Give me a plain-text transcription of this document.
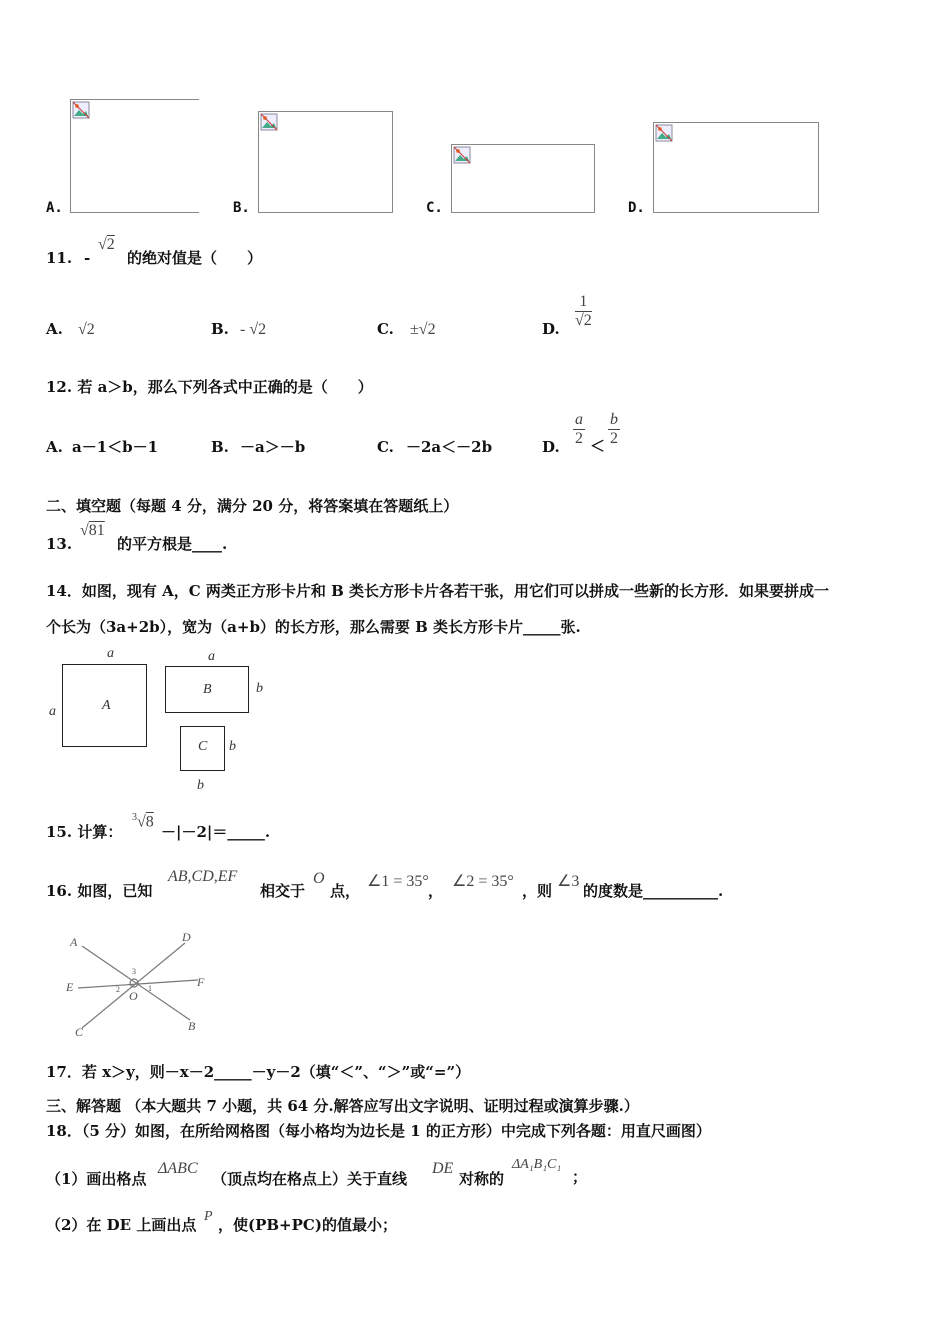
A.	B.	C.	D.
11. -
√2
的绝对值是（　　）
A. √2	B. - √2	C. ±√2	D. $\frac{1}{√2}$
12. 若 a＞b，那么下列各式中正确的是（　　）
A. a－1＜b－1	B. －a＞－b	C. －2a＜－2b	D. $\frac{a}{2} < \frac{b}{2}$
二、填空题（每题 4 分，满分 20 分，将答案填在答题纸上）
13.
√81
的平方根是____.
14．如图，现有 A，C 两类正方形卡片和 B 类长方形卡片各若干张，用它们可以拼成一些新的长方形．如果要拼成一
个长为（3a+2b），宽为（a+b）的长方形，那么需要 B 类长方形卡片_____张.
A
a
a
B
a
b
C b
b
15. 计算：
$^3$√8
－|－2|＝_____.
16. 如图，已知
AB,CD,EF
相交于
O
点，
∠1 = 35°
，
∠2 = 35°
，则
∠3
的度数是__________.
A	D
E	F
O
C	B
1
2
3
17．若 x＞y，则－x－2_____－y－2（填“＜”、“＞”或“=”）
三、解答题 （本大题共 7 小题，共 64 分.解答应写出文字说明、证明过程或演算步骤.）
18．（5 分）如图，在所给网格图（每小格均为边长是 1 的正方形）中完成下列各题：用直尺画图）
（1）画出格点
ΔABC
（顶点均在格点上）关于直线
DE
对称的
ΔA₁B₁C₁
；
（2）在 DE 上画出点 P ，使(PB+PC)的值最小；
